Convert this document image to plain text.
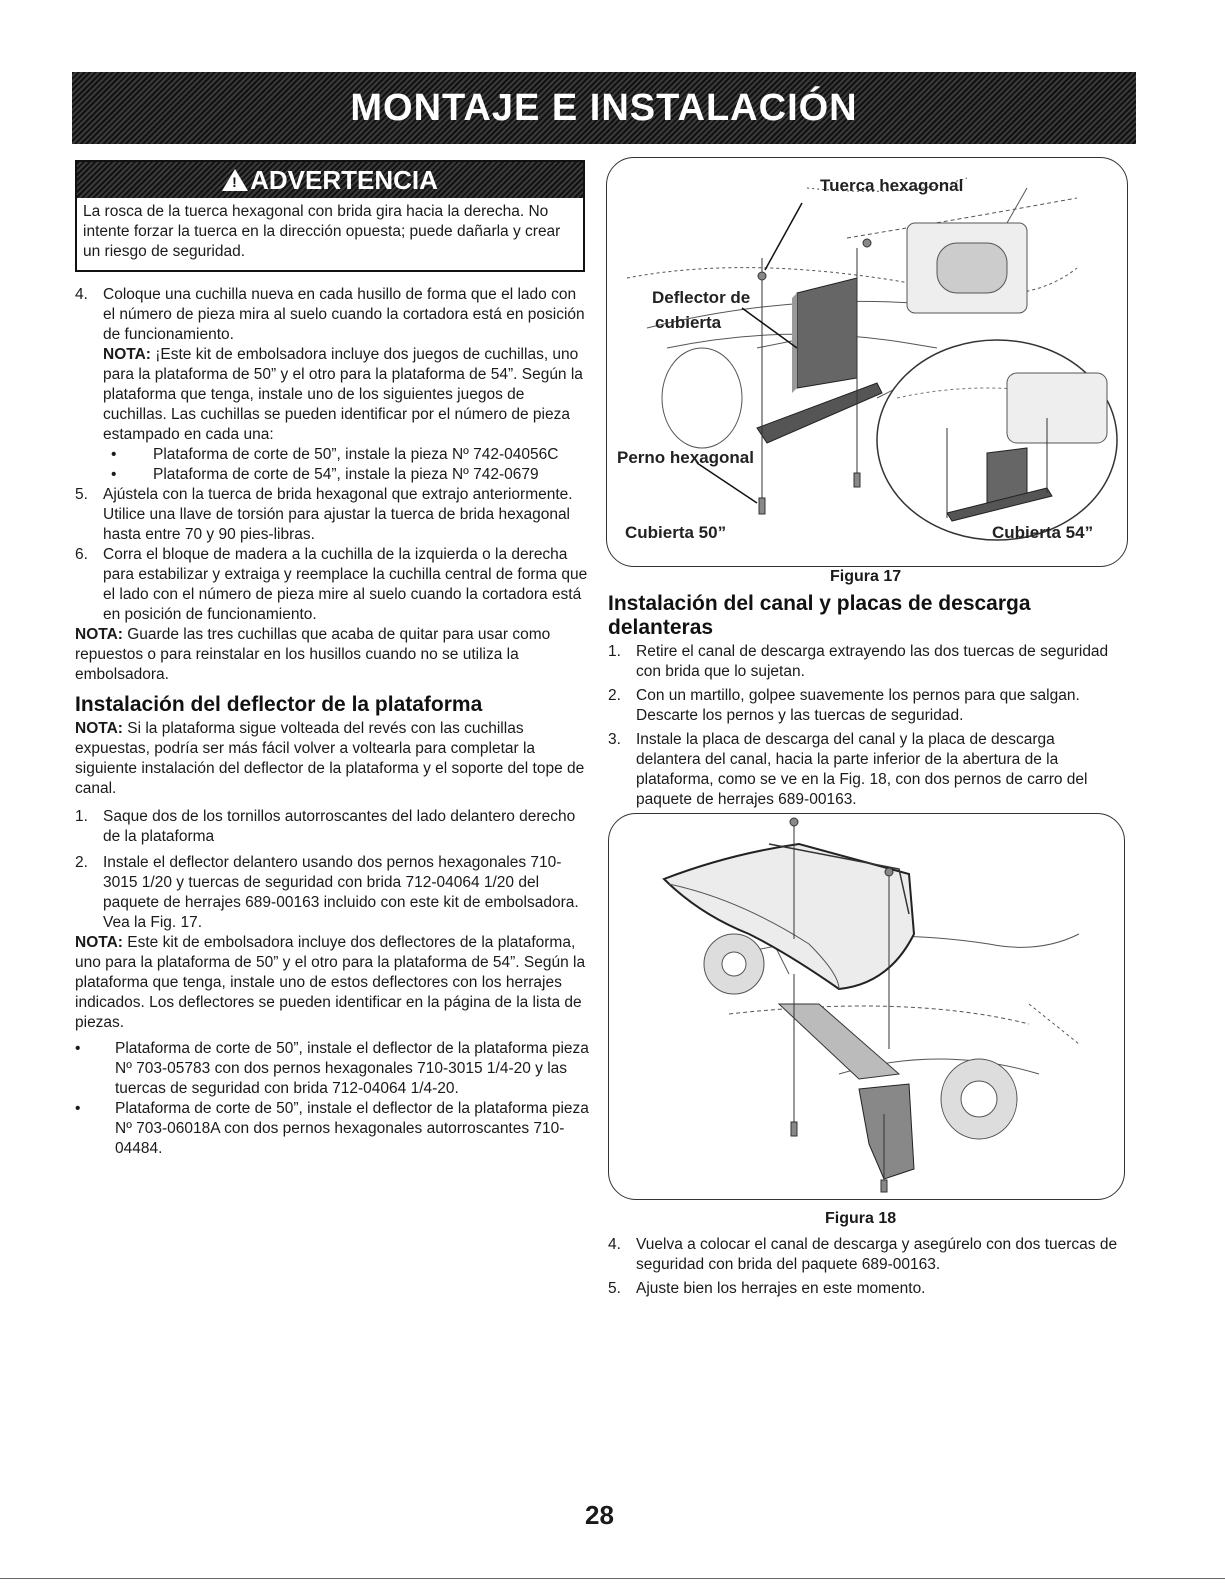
MONTAJE E INSTALACIÓN
! ADVERTENCIA
La rosca de la tuerca hexagonal con brida gira hacia la derecha. No intente forzar la tuerca en la dirección opuesta; puede dañarla y crear un riesgo de seguridad.
4. Coloque una cuchilla nueva en cada husillo de forma que el lado con el número de pieza mira al suelo cuando la cortadora está en posición de funcionamiento.

NOTA: ¡Este kit de embolsadora incluye dos juegos de cuchillas, uno para la plataforma de 50” y el otro para la plataforma de 54”. Según la plataforma que tenga, instale uno de los siguientes juegos de cuchillas. Las cuchillas se pueden identificar por el número de pieza estampado en cada una:

•	Plataforma de corte de 50”, instale la pieza Nº 742-04056C
•	Plataforma de corte de 54”, instale la pieza Nº 742-0679
5. Ajústela con la tuerca de brida hexagonal que extrajo anteriormente. Utilice una llave de torsión para ajustar la tuerca de brida hexagonal hasta entre 70 y 90 pies-libras.
6. Corra el bloque de madera a la cuchilla de la izquierda o la derecha para estabilizar y extraiga y reemplace la cuchilla central de forma que el lado con el número de pieza mire al suelo cuando la cortadora está en posición de funcionamiento.

NOTA: Guarde las tres cuchillas que acaba de quitar para usar como repuestos o para reinstalar en los husillos cuando no se utiliza la embolsadora.

Instalación del deflector de la plataforma

NOTA: Si la plataforma sigue volteada del revés con las cuchillas expuestas, podría ser más fácil volver a voltearla para completar la siguiente instalación del deflector de la plataforma y el soporte del tope de canal.

1. Saque dos de los tornillos autorroscantes del lado delantero derecho de la plataforma
2. Instale el deflector delantero usando dos pernos hexagonales 710-3015 1/20 y tuercas de seguridad con brida 712-04064 1/20 del paquete de herrajes 689-00163 incluido con este kit de embolsadora. Vea la Fig. 17.

NOTA: Este kit de embolsadora incluye dos deflectores de la plataforma, uno para la plataforma de 50” y el otro para la plataforma de 54”. Según la plataforma que tenga, instale uno de estos deflectores con los herrajes indicados. Los deflectores se pueden identificar en la página de la lista de piezas.

•	Plataforma de corte de 50”, instale el deflector de la plataforma pieza Nº 703-05783 con dos pernos hexagonales 710-3015 1/4-20 y las tuercas de seguridad con brida 712-04064 1/4-20.
•	Plataforma de corte de 50”, instale el deflector de la plataforma pieza Nº 703-06018A con dos pernos hexagonales autorroscantes 710-04484.
Tuerca hexagonal
Deflector de
cubierta
Perno hexagonal
Cubierta 50”	Cubierta 54”
Figura 17
Instalación del canal y placas de descarga delanteras
1. Retire el canal de descarga extrayendo las dos tuercas de seguridad con brida que lo sujetan.
2. Con un martillo, golpee suavemente los pernos para que salgan. Descarte los pernos y las tuercas de seguridad.
3. Instale la placa de descarga del canal y la placa de descarga delantera del canal, hacia la parte inferior de la abertura de la plataforma, como se ve en la Fig. 18, con dos pernos de carro del paquete de herrajes 689-00163.
Figura 18
4. Vuelva a colocar el canal de descarga y asegúrelo con dos tuercas de seguridad con brida del paquete 689-00163.
5. Ajuste bien los herrajes en este momento.
28
